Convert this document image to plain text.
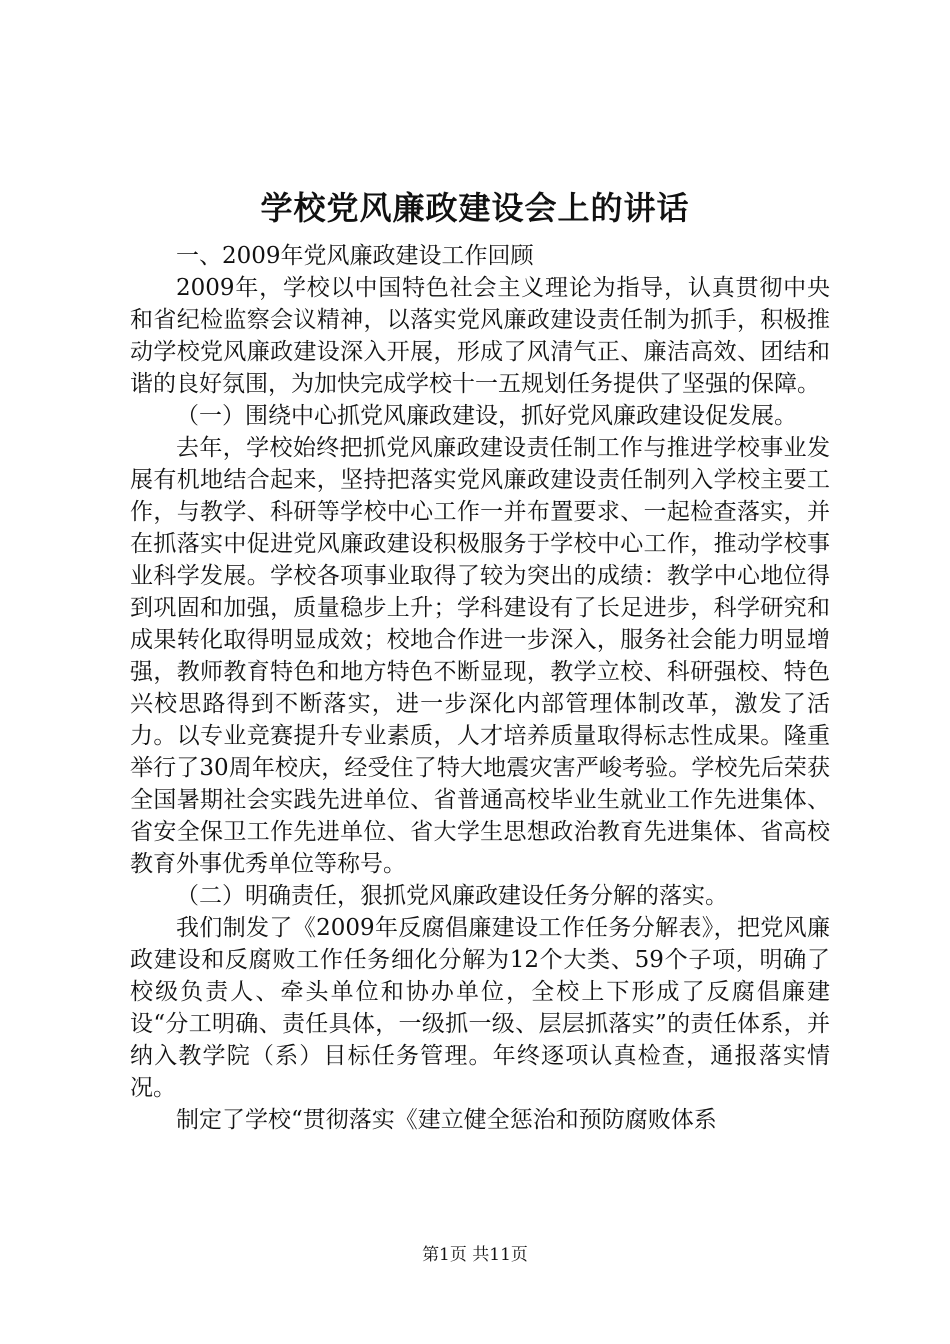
学校党风廉政建设会上的讲话

一、2009年党风廉政建设工作回顾

2009年，学校以中国特色社会主义理论为指导，认真贯彻中央和省纪检监察会议精神，以落实党风廉政建设责任制为抓手，积极推动学校党风廉政建设深入开展，形成了风清气正、廉洁高效、团结和谐的良好氛围，为加快完成学校十一五规划任务提供了坚强的保障。

（一）围绕中心抓党风廉政建设，抓好党风廉政建设促发展。

去年，学校始终把抓党风廉政建设责任制工作与推进学校事业发展有机地结合起来，坚持把落实党风廉政建设责任制列入学校主要工作，与教学、科研等学校中心工作一并布置要求、一起检查落实，并在抓落实中促进党风廉政建设积极服务于学校中心工作，推动学校事业科学发展。学校各项事业取得了较为突出的成绩：教学中心地位得到巩固和加强，质量稳步上升；学科建设有了长足进步，科学研究和成果转化取得明显成效；校地合作进一步深入，服务社会能力明显增强，教师教育特色和地方特色不断显现，教学立校、科研强校、特色兴校思路得到不断落实，进一步深化内部管理体制改革，激发了活力。以专业竞赛提升专业素质，人才培养质量取得标志性成果。隆重举行了30周年校庆，经受住了特大地震灾害严峻考验。学校先后荣获全国暑期社会实践先进单位、省普通高校毕业生就业工作先进集体、省安全保卫工作先进单位、省大学生思想政治教育先进集体、省高校教育外事优秀单位等称号。

（二）明确责任，狠抓党风廉政建设任务分解的落实。

我们制发了《2009年反腐倡廉建设工作任务分解表》，把党风廉政建设和反腐败工作任务细化分解为12个大类、59个子项，明确了校级负责人、牵头单位和协办单位，全校上下形成了反腐倡廉建设“分工明确、责任具体，一级抓一级、层层抓落实”的责任体系，并纳入教学院（系）目标任务管理。年终逐项认真检查，通报落实情况。

制定了学校“贯彻落实《建立健全惩治和预防腐败体系

第1页 共11页
